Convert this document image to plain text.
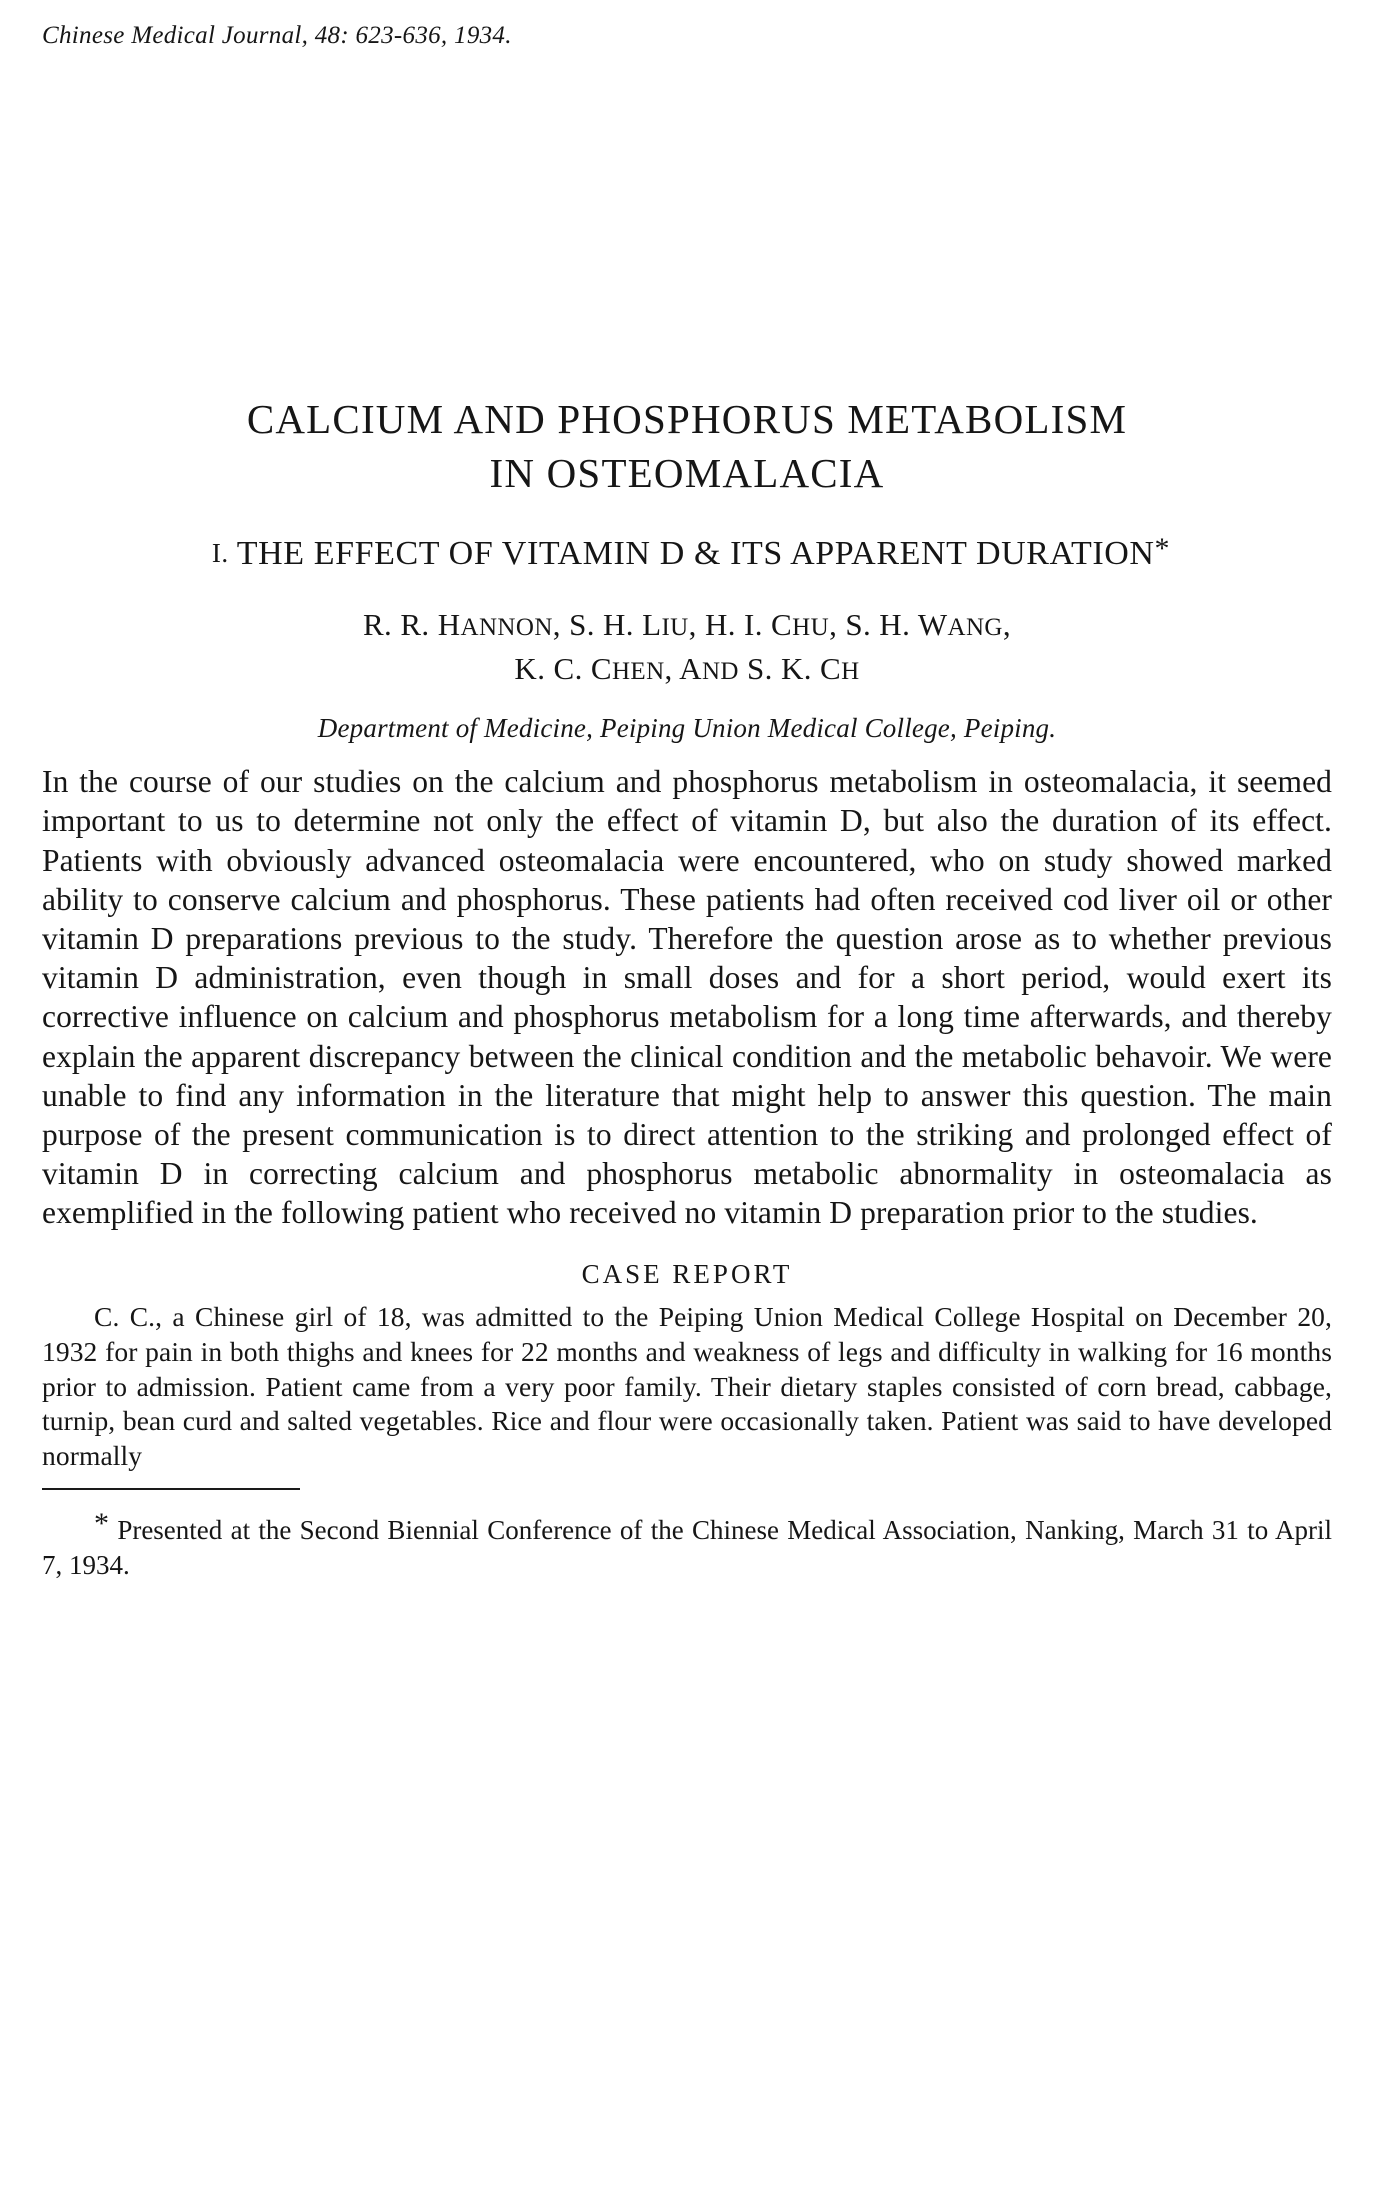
Chinese Medical Journal, 48: 623-636, 1934.
CALCIUM AND PHOSPHORUS METABOLISM
IN OSTEOMALACIA
I. THE EFFECT OF VITAMIN D & ITS APPARENT DURATION*
R. R. HANNON, S. H. LIU, H. I. CHU, S. H. WANG,
K. C. CHEN, AND S. K. CH
Department of Medicine, Peiping Union Medical College, Peiping.

In the course of our studies on the calcium and phosphorus metabolism in osteomalacia, it seemed important to us to determine not only the effect of vitamin D, but also the duration of its effect. Patients with obviously advanced osteomalacia were encountered, who on study showed marked ability to conserve calcium and phosphorus. These patients had often received cod liver oil or other vitamin D preparations previous to the study. Therefore the question arose as to whether previous vitamin D administration, even though in small doses and for a short period, would exert its corrective influence on calcium and phosphorus metabolism for a long time afterwards, and thereby explain the apparent discrepancy between the clinical condition and the metabolic behavoir. We were unable to find any information in the literature that might help to answer this question. The main purpose of the present communication is to direct attention to the striking and prolonged effect of vitamin D in correcting calcium and phosphorus metabolic abnormality in osteomalacia as exemplified in the following patient who received no vitamin D preparation prior to the studies.

CASE REPORT

C. C., a Chinese girl of 18, was admitted to the Peiping Union Medical College Hospital on December 20, 1932 for pain in both thighs and knees for 22 months and weakness of legs and difficulty in walking for 16 months prior to admission. Patient came from a very poor family. Their dietary staples consisted of corn bread, cabbage, turnip, bean curd and salted vegetables. Rice and flour were occasionally taken. Patient was said to have developed normally

* Presented at the Second Biennial Conference of the Chinese Medical Association, Nanking, March 31 to April 7, 1934.
